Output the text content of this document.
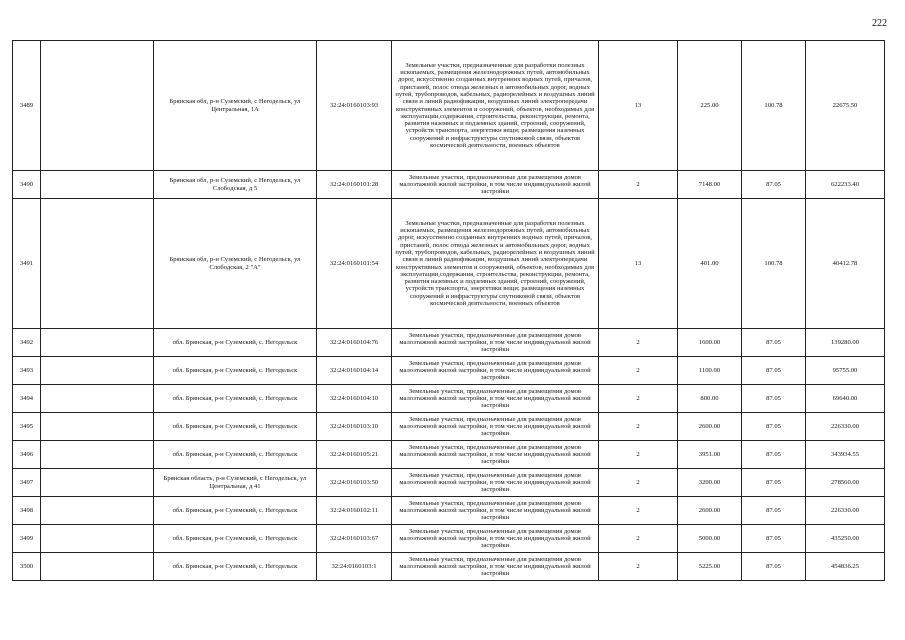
222
3489		Брянская обл, р-н Суземский, с Негодельск, ул Центральная, 1А	32:24:0160103:93	Земельные участки, предназначенные для разработки полезных ископаемых, размещения железнодорожных путей, автомобильных дорог, искусственно созданных внутренних водных путей, причалов, пристаней, полос отвода железных и автомобильных дорог, водных путей, трубопроводов, кабельных, радиорелейных и воздушных линий связи и линий радиофикации, воздушных линий электропередачи конструктивных элементов и сооружений, объектов, необходимых для эксплуатации,содержания, строительства, реконструкции, ремонта, развития наземных и подземных зданий, строений, сооружений, устройств транспорта, энергетики вещи; размещения наземных сооружений и инфраструктуры спутниковой связи, объектов космической деятельности, военных объектов	13	225.00	100.78	22675.50
3490		Брянская обл, р-н Суземский, с Негодельск, ул Слободская, д 5	32:24:0160101:28	Земельные участки, предназначенные для размещения домов малоэтажной жилой застройки, в том числе индивидуальной жилой застройки	2	7148.00	87.05	622233.40
3491		Брянская обл, р-н Суземский, с Негодельск, ул Слободская, 2 "А"	32:24:0160101:54	Земельные участки, предназначенные для разработки полезных ископаемых, размещения железнодорожных путей, автомобильных дорог, искусственно созданных внутренних водных путей, причалов, пристаней, полос отвода железных и автомобильных дорог, водных путей, трубопроводов, кабельных, радиорелейных и воздушных линий связи и линий радиофикации, воздушных линий электропередачи конструктивных элементов и сооружений, объектов, необходимых для эксплуатации,содержания, строительства, реконструкции, ремонта, развития наземных и подземных зданий, строений, сооружений, устройств транспорта, энергетики вещи; размещения наземных сооружений и инфраструктуры спутниковой связи, объектов космической деятельности, военных объектов	13	401.00	100.78	40412.78
3492		обл. Брянская, р-н Суземский, с. Негодельск	32:24:0160104:76	Земельные участки, предназначенные для размещения домов малоэтажной жилой застройки, в том числе индивидуальной жилой застройки	2	1600.00	87.05	139280.00
3493		обл. Брянская, р-н Суземский, с. Негодельск	32:24:0160104:14	Земельные участки, предназначенные для размещения домов малоэтажной жилой застройки, в том числе индивидуальной жилой застройки	2	1100.00	87.05	95755.00
3494		обл. Брянская, р-н Суземский, с. Негодельск	32:24:0160104:10	Земельные участки, предназначенные для размещения домов малоэтажной жилой застройки, в том числе индивидуальной жилой застройки	2	800.00	87.05	69640.00
3495		обл. Брянская, р-н Суземский, с. Негодельск	32:24:0160103:10	Земельные участки, предназначенные для размещения домов малоэтажной жилой застройки, в том числе индивидуальной жилой застройки	2	2600.00	87.05	226330.00
3496		обл. Брянская, р-н Суземский, с. Негодельск	32:24:0160105:21	Земельные участки, предназначенные для размещения домов малоэтажной жилой застройки, в том числе индивидуальной жилой застройки	2	3951.00	87.05	343934.55
3497		Брянская область, р-н Суземский, с Негодельск, ул Центральная, д 41	32:24:0160103:50	Земельные участки, предназначенные для размещения домов малоэтажной жилой застройки, в том числе индивидуальной жилой застройки	2	3200.00	87.05	278560.00
3498		обл. Брянская, р-н Суземский, с. Негодельск	32:24:0160102:11	Земельные участки, предназначенные для размещения домов малоэтажной жилой застройки, в том числе индивидуальной жилой застройки	2	2600.00	87.05	226330.00
3499		обл. Брянская, р-н Суземский, с. Негодельск	32:24:0160103:67	Земельные участки, предназначенные для размещения домов малоэтажной жилой застройки, в том числе индивидуальной жилой застройки	2	5000.00	87.05	435250.00
3500		обл. Брянская, р-н Суземский, с. Негодельск	32:24:0160103:1	Земельные участки, предназначенные для размещения домов малоэтажной жилой застройки, в том числе индивидуальной жилой застройки	2	5225.00	87.05	454836.25
